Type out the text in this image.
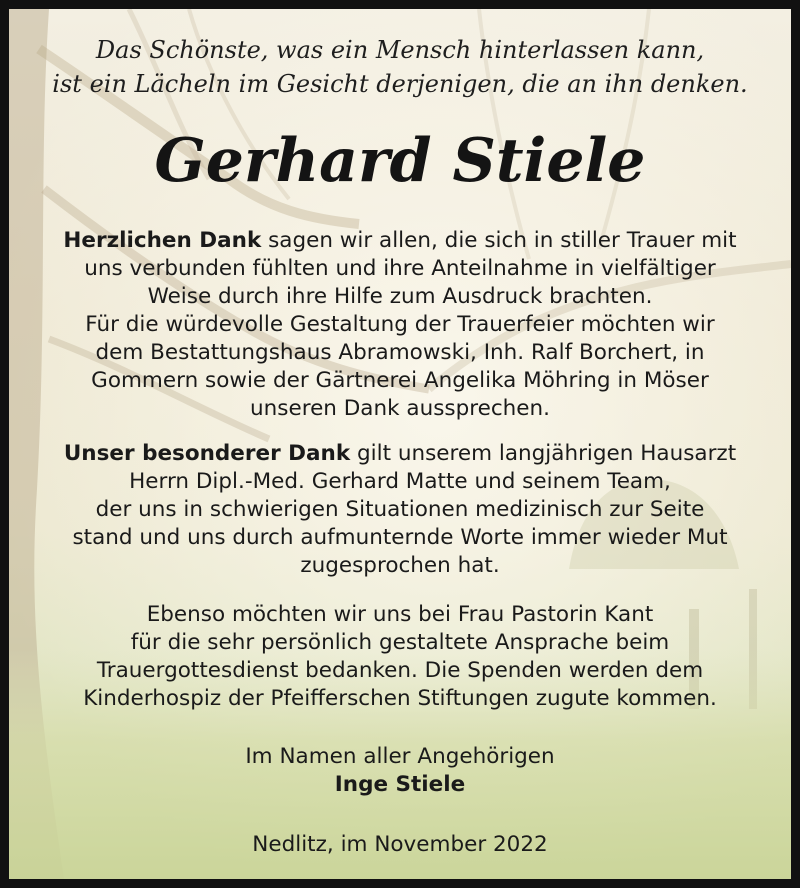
Das Schönste, was ein Mensch hinterlassen kann,
ist ein Lächeln im Gesicht derjenigen, die an ihn denken.
Gerhard Stiele
Herzlichen Dank sagen wir allen, die sich in stiller Trauer mit
uns verbunden fühlten und ihre Anteilnahme in vielfältiger
Weise durch ihre Hilfe zum Ausdruck brachten.
Für die würdevolle Gestaltung der Trauerfeier möchten wir
dem Bestattungshaus Abramowski, Inh. Ralf Borchert, in
Gommern sowie der Gärtnerei Angelika Möhring in Möser
unseren Dank aussprechen.
Unser besonderer Dank gilt unserem langjährigen Hausarzt
Herrn Dipl.-Med. Gerhard Matte und seinem Team,
der uns in schwierigen Situationen medizinisch zur Seite
stand und uns durch aufmunternde Worte immer wieder Mut
zugesprochen hat.
Ebenso möchten wir uns bei Frau Pastorin Kant
für die sehr persönlich gestaltete Ansprache beim
Trauergottesdienst bedanken. Die Spenden werden dem
Kinderhospiz der Pfeifferschen Stiftungen zugute kommen.
Im Namen aller Angehörigen
Inge Stiele
Nedlitz, im November 2022
